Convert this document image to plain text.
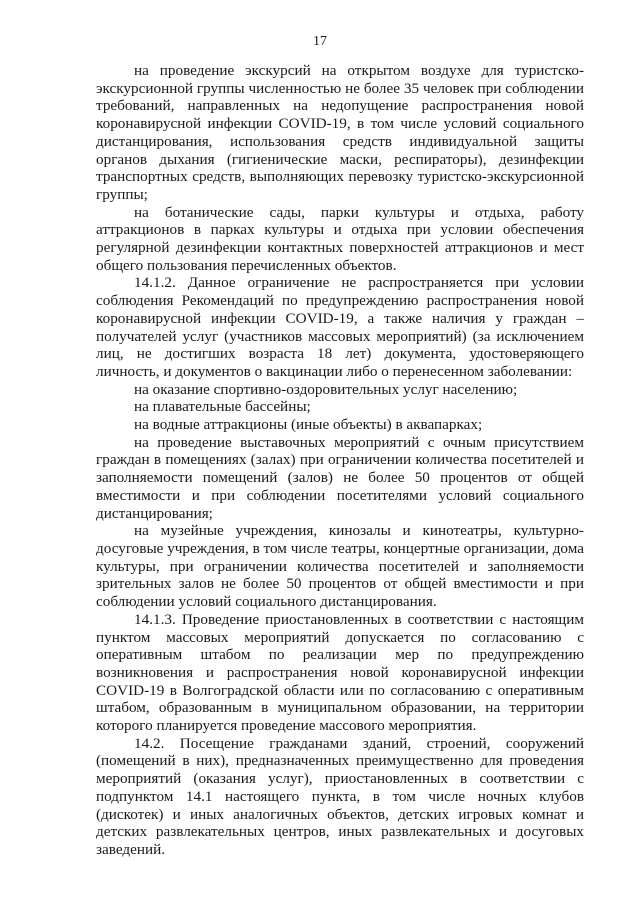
17

на проведение экскурсий на открытом воздухе для туристско-экскурсионной группы численностью не более 35 человек при соблюдении требований, направленных на недопущение распространения новой коронавирусной инфекции COVID-19, в том числе условий социального дистанцирования, использования средств индивидуальной защиты органов дыхания (гигиенические маски, респираторы), дезинфекции транспортных средств, выполняющих перевозку туристско-экскурсионной группы;

на ботанические сады, парки культуры и отдыха, работу аттракционов в парках культуры и отдыха при условии обеспечения регулярной дезинфекции контактных поверхностей аттракционов и мест общего пользования перечисленных объектов.

14.1.2. Данное ограничение не распространяется при условии соблюдения Рекомендаций по предупреждению распространения новой коронавирусной инфекции COVID-19, а также наличия у граждан – получателей услуг (участников массовых мероприятий) (за исключением лиц, не достигших возраста 18 лет) документа, удостоверяющего личность, и документов о вакцинации либо о перенесенном заболевании:

на оказание спортивно-оздоровительных услуг населению;

на плавательные бассейны;

на водные аттракционы (иные объекты) в аквапарках;

на проведение выставочных мероприятий с очным присутствием граждан в помещениях (залах) при ограничении количества посетителей и заполняемости помещений (залов) не более 50 процентов от общей вместимости и при соблюдении посетителями условий социального дистанцирования;

на музейные учреждения, кинозалы и кинотеатры, культурно-досуговые учреждения, в том числе театры, концертные организации, дома культуры, при ограничении количества посетителей и заполняемости зрительных залов не более 50 процентов от общей вместимости и при соблюдении условий социального дистанцирования.

14.1.3. Проведение приостановленных в соответствии с настоящим пунктом массовых мероприятий допускается по согласованию с оперативным штабом по реализации мер по предупреждению возникновения и распространения новой коронавирусной инфекции COVID-19 в Волгоградской области или по согласованию с оперативным штабом, образованным в муниципальном образовании, на территории которого планируется проведение массового мероприятия.

14.2. Посещение гражданами зданий, строений, сооружений (помещений в них), предназначенных преимущественно для проведения мероприятий (оказания услуг), приостановленных в соответствии с подпунктом 14.1 настоящего пункта, в том числе ночных клубов (дискотек) и иных аналогичных объектов, детских игровых комнат и детских развлекательных центров, иных развлекательных и досуговых заведений.
